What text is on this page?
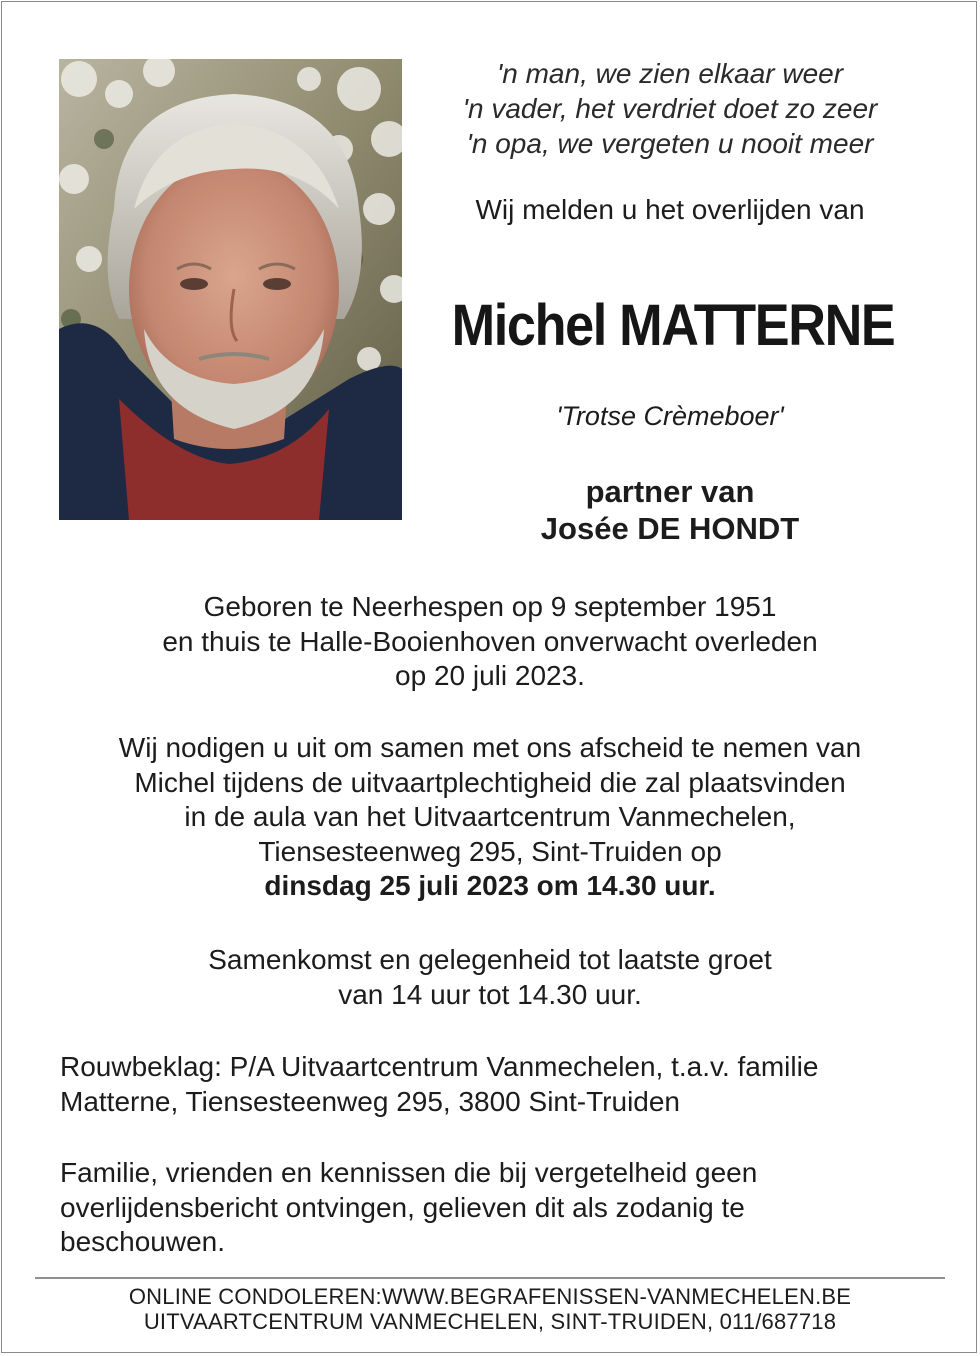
'n man, we zien elkaar weer
'n vader, het verdriet doet zo zeer
'n opa, we vergeten u nooit meer
Wij melden u het overlijden van
Michel MATTERNE
'Trotse Crèmeboer'
partner van
Josée DE HONDT
Geboren te Neerhespen op 9 september 1951
en thuis te Halle-Booienhoven onverwacht overleden
op 20 juli 2023.
Wij nodigen u uit om samen met ons afscheid te nemen van
Michel tijdens de uitvaartplechtigheid die zal plaatsvinden
in de aula van het Uitvaartcentrum Vanmechelen,
Tiensesteenweg 295, Sint-Truiden op
dinsdag 25 juli 2023 om 14.30 uur.
Samenkomst en gelegenheid tot laatste groet
van 14 uur tot 14.30 uur.
Rouwbeklag: P/A Uitvaartcentrum Vanmechelen, t.a.v. familie
Matterne, Tiensesteenweg 295, 3800 Sint-Truiden
Familie, vrienden en kennissen die bij vergetelheid geen
overlijdensbericht ontvingen, gelieven dit als zodanig te
beschouwen.
ONLINE CONDOLEREN:WWW.BEGRAFENISSEN-VANMECHELEN.BE
UITVAARTCENTRUM VANMECHELEN, SINT-TRUIDEN, 011/687718
